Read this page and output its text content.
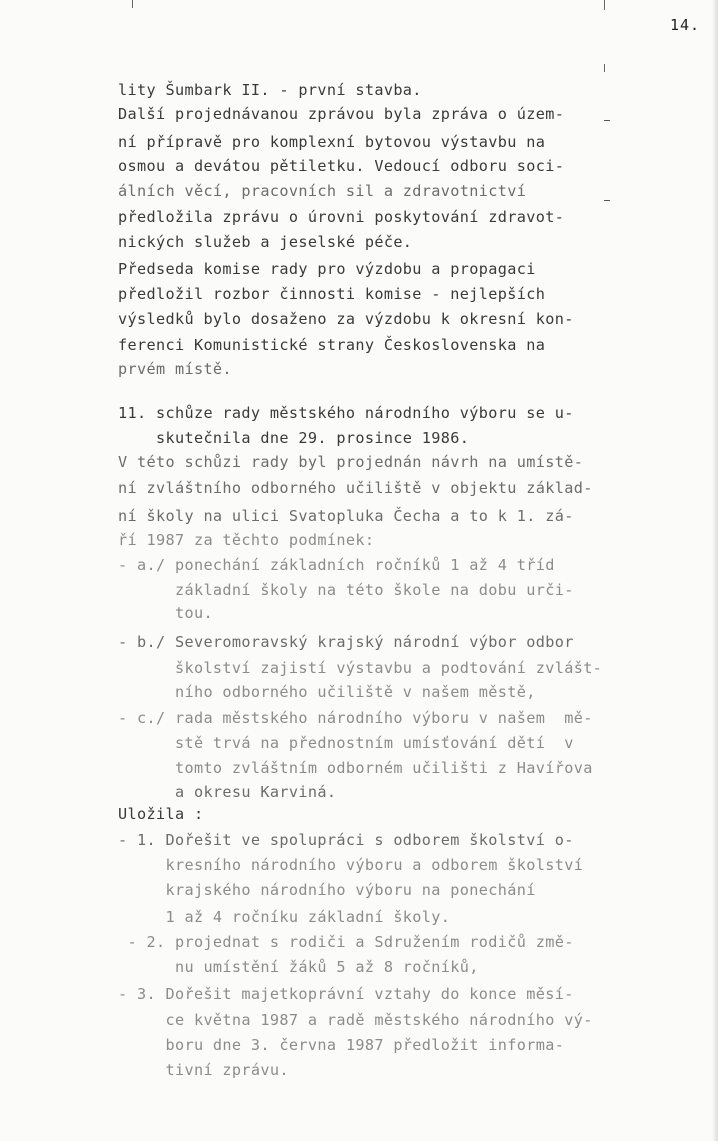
14.
lity Šumbark II. - první stavba.
Další projednávanou zprávou byla zpráva o územ-
ní přípravě pro komplexní bytovou výstavbu na
osmou a devátou pětiletku. Vedoucí odboru soci-
álních věcí, pracovních sil a zdravotnictví
předložila zprávu o úrovni poskytování zdravot-
nických služeb a jeselské péče.
Předseda komise rady pro výzdobu a propagaci
předložil rozbor činnosti komise - nejlepších
výsledků bylo dosaženo za výzdobu k okresní kon-
ferenci Komunistické strany Československa na
prvém místě.
11. schůze rady městského národního výboru se u-
skutečnila dne 29. prosince 1986.
V této schůzi rady byl projednán návrh na umístě-
ní zvláštního odborného učiliště v objektu základ-
ní školy na ulici Svatopluka Čecha a to k 1. zá-
ří 1987 za těchto podmínek:
- a./ ponechání základních ročníků 1 až 4 tříd
základní školy na této škole na dobu urči-
tou.
- b./ Severomoravský krajský národní výbor odbor
školství zajistí výstavbu a podtování zvlášt-
ního odborného učiliště v našem městě,
- c./ rada městského národního výboru v našem  mě-
stě trvá na přednostním umísťování dětí  v
tomto zvláštním odborném učilišti z Havířova
a okresu Karviná.
Uložila :
- 1. Dořešit ve spolupráci s odborem školství o-
kresního národního výboru a odborem školství
krajského národního výboru na ponechání
1 až 4 ročníku základní školy.
- 2. projednat s rodiči a Sdružením rodičů změ-
nu umístění žáků 5 až 8 ročníků,
- 3. Dořešit majetkoprávní vztahy do konce měsí-
ce května 1987 a radě městského národního vý-
boru dne 3. června 1987 předložit informa-
tivní zprávu.
